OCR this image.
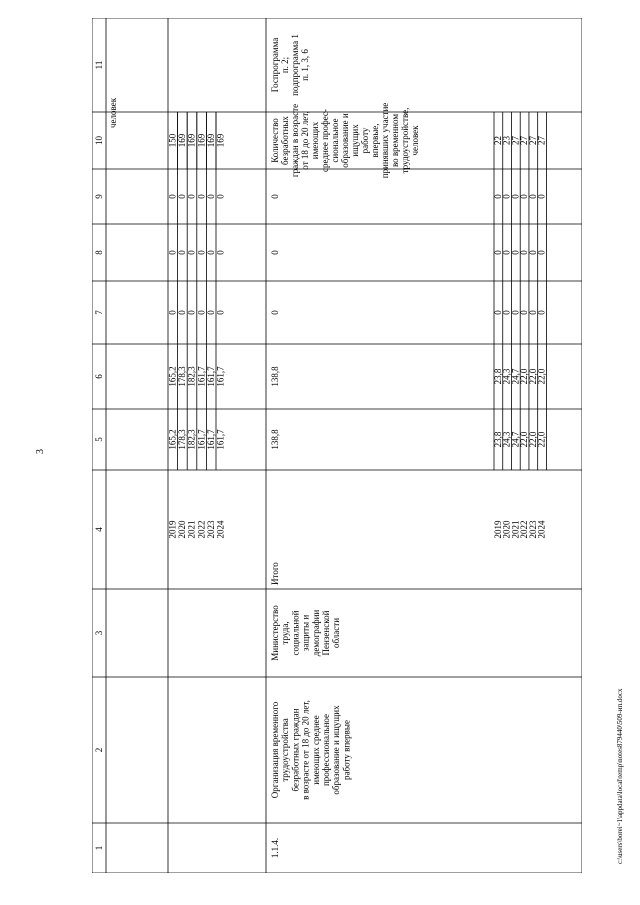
3
c:\users\borei~1\appdata\local\temp\notes879440\509-ип.docx
1
2
3
4
5
6
7
8
9
10
11
человек
2019
165,2
165,2
0
0
0
150
2020
178,3
178,3
0
0
0
169
2021
182,3
182,3
0
0
0
169
2022
161,7
161,7
0
0
0
169
2023
161,7
161,7
0
0
0
169
2024
161,7
161,7
0
0
0
169
Госпрограмма п. 2; подпрограмма 1 п. 1, 3, 6
1.1.4.
Организация временного трудоустройства безработных граждан в возрасте от 18 до 20 лет, имеющих среднее профессиональное образование и ищущих работу впервые
Министерство труда, социальной защиты и демографии Пензенской области
Итого
138,8
138,8
0
0
0
Количество безработных граждан в возрасте от 18 до 20 лет, имеющих среднее профес- сиональное образование и ищущих работу впервые, принявших участие во временном трудоустройстве, человек
2019
23,8
23,8
0
0
0
22
2020
24,3
24,3
0
0
0
23
2021
24,7
24,7
0
0
0
27
2022
22,0
22,0
0
0
0
27
2023
22,0
22,0
0
0
0
27
2024
22,0
22,0
0
0
0
27
